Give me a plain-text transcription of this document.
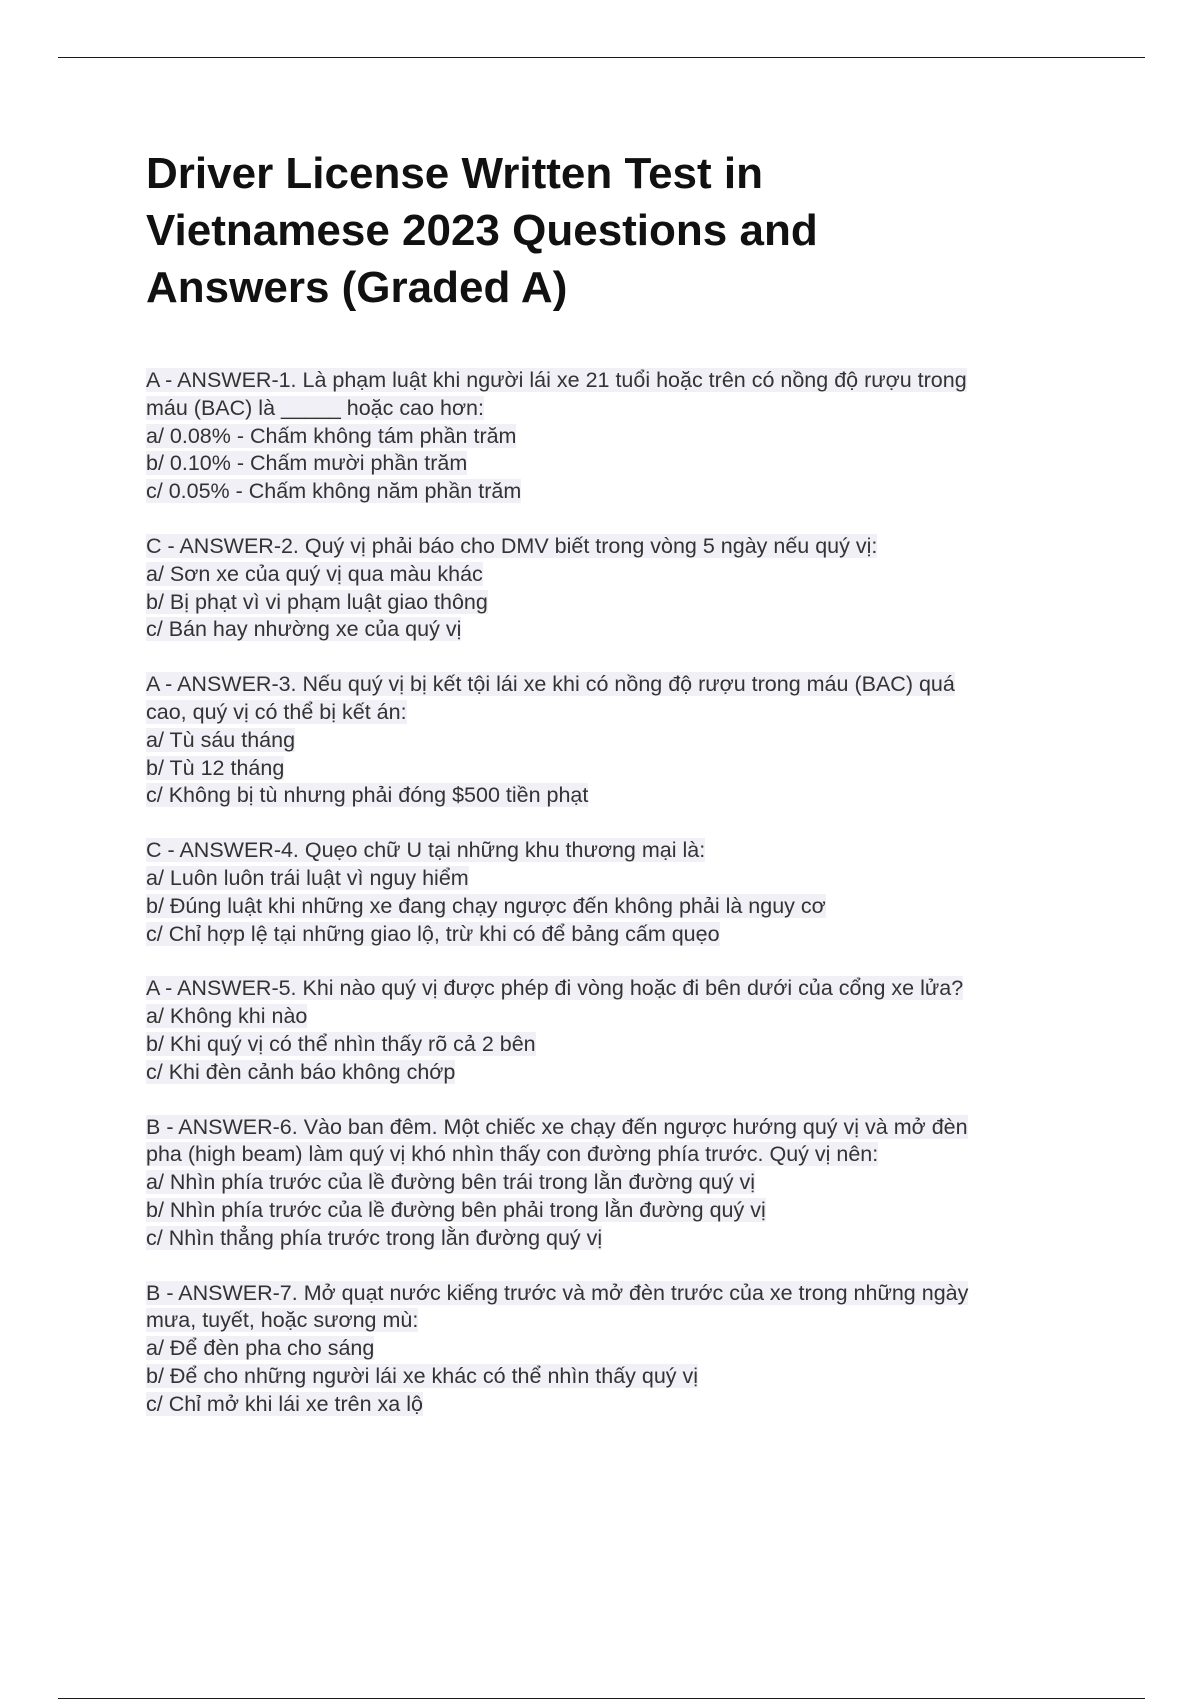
Driver License Written Test in Vietnamese 2023 Questions and Answers (Graded A)
A - ANSWER-1. Là phạm luật khi người lái xe 21 tuổi hoặc trên có nồng độ rượu trong
máu (BAC) là _____ hoặc cao hơn:
a/ 0.08% - Chấm không tám phần trăm
b/ 0.10% - Chấm mười phần trăm
c/ 0.05% - Chấm không năm phần trăm
C - ANSWER-2. Quý vị phải báo cho DMV biết trong vòng 5 ngày nếu quý vị:
a/ Sơn xe của quý vị qua màu khác
b/ Bị phạt vì vi phạm luật giao thông
c/ Bán hay nhường xe của quý vị
A - ANSWER-3. Nếu quý vị bị kết tội lái xe khi có nồng độ rượu trong máu (BAC) quá
cao, quý vị có thể bị kết án:
a/ Tù sáu tháng
b/ Tù 12 tháng
c/ Không bị tù nhưng phải đóng $500 tiền phạt
C - ANSWER-4. Quẹo chữ U tại những khu thương mại là:
a/ Luôn luôn trái luật vì nguy hiểm
b/ Đúng luật khi những xe đang chạy ngược đến không phải là nguy cơ
c/ Chỉ hợp lệ tại những giao lộ, trừ khi có để bảng cấm quẹo
A - ANSWER-5. Khi nào quý vị được phép đi vòng hoặc đi bên dưới của cổng xe lửa?
a/ Không khi nào
b/ Khi quý vị có thể nhìn thấy rõ cả 2 bên
c/ Khi đèn cảnh báo không chớp
B - ANSWER-6. Vào ban đêm. Một chiếc xe chạy đến ngược hướng quý vị và mở đèn
pha (high beam) làm quý vị khó nhìn thấy con đường phía trước. Quý vị nên:
a/ Nhìn phía trước của lề đường bên trái trong lằn đường quý vị
b/ Nhìn phía trước của lề đường bên phải trong lằn đường quý vị
c/ Nhìn thẳng phía trước trong lằn đường quý vị
B - ANSWER-7. Mở quạt nước kiếng trước và mở đèn trước của xe trong những ngày
mưa, tuyết, hoặc sương mù:
a/ Để đèn pha cho sáng
b/ Để cho những người lái xe khác có thể nhìn thấy quý vị
c/ Chỉ mở khi lái xe trên xa lộ
